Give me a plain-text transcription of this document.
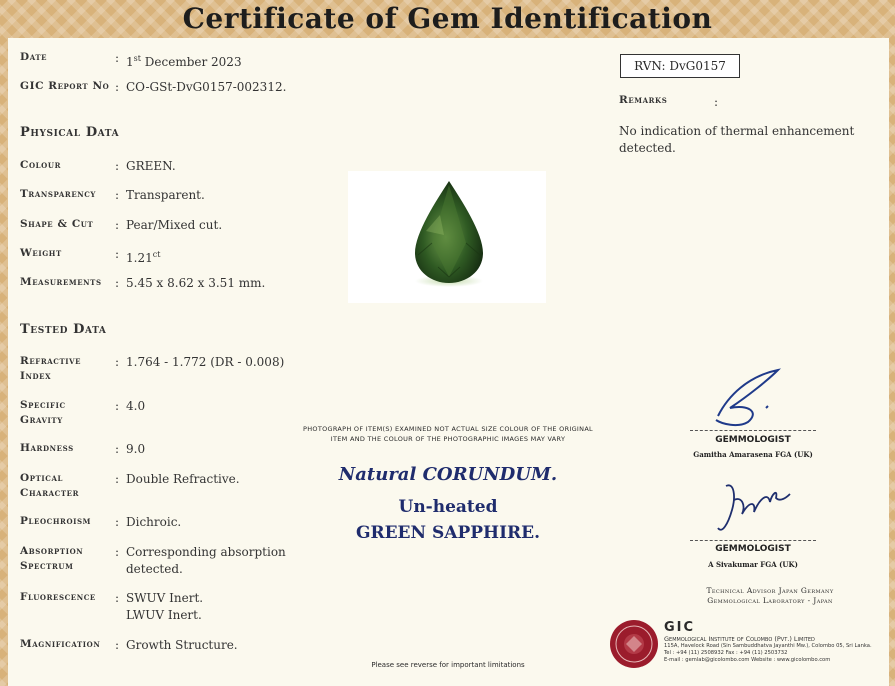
Certificate of Gem Identification
Date	: 1st December 2023
GIC Report No : CO-GSt-DvG0157-002312.
Physical Data
Colour	: GREEN.
Transparency : Transparent.
Shape & Cut : Pear/Mixed cut.
Weight	: $1.21^{ct}$
Measurements : 5.45 x 8.62 x 3.51 mm.
Tested Data
Refractive
Index
: 1.764 - 1.772 (DR - 0.008)
Specific
Gravity
: 4.0
Hardness	: 9.0
Optical
Character
: Double Refractive.
Pleochroism : Dichroic.
Absorption
Spectrum
: Corresponding absorption
detected.
Fluorescence : SWUV Inert.
LWUV Inert.
Magnification : Growth Structure.
RVN: DvG0157
Remarks	:
No indication of thermal enhancement detected.
PHOTOGRAPH OF ITEM(S) EXAMINED NOT ACTUAL SIZE COLOUR OF THE ORIGINAL ITEM AND THE COLOUR OF THE PHOTOGRAPHIC IMAGES MAY VARY
Natural CORUNDUM.
Un-heated
GREEN SAPPHIRE.
GEMMOLOGIST
Gamitha Amarasena FGA (UK)
GEMMOLOGIST
A Sivakumar FGA (UK)
Technical Advisor Japan Germany
Gemmological Laboratory - Japan
GIC
Gemmological Institute of Colombo (Pvt.) Limited
115A, Havelock Road (Sin Sambuddhatva Jayanthi Mw.), Colombo 05, Sri Lanka.
Tel : +94 (11) 2508932 Fax : +94 (11) 2503732
E-mail : gemlab@gicolombo.com Website : www.gicolombo.com
Please see reverse for important limitations
